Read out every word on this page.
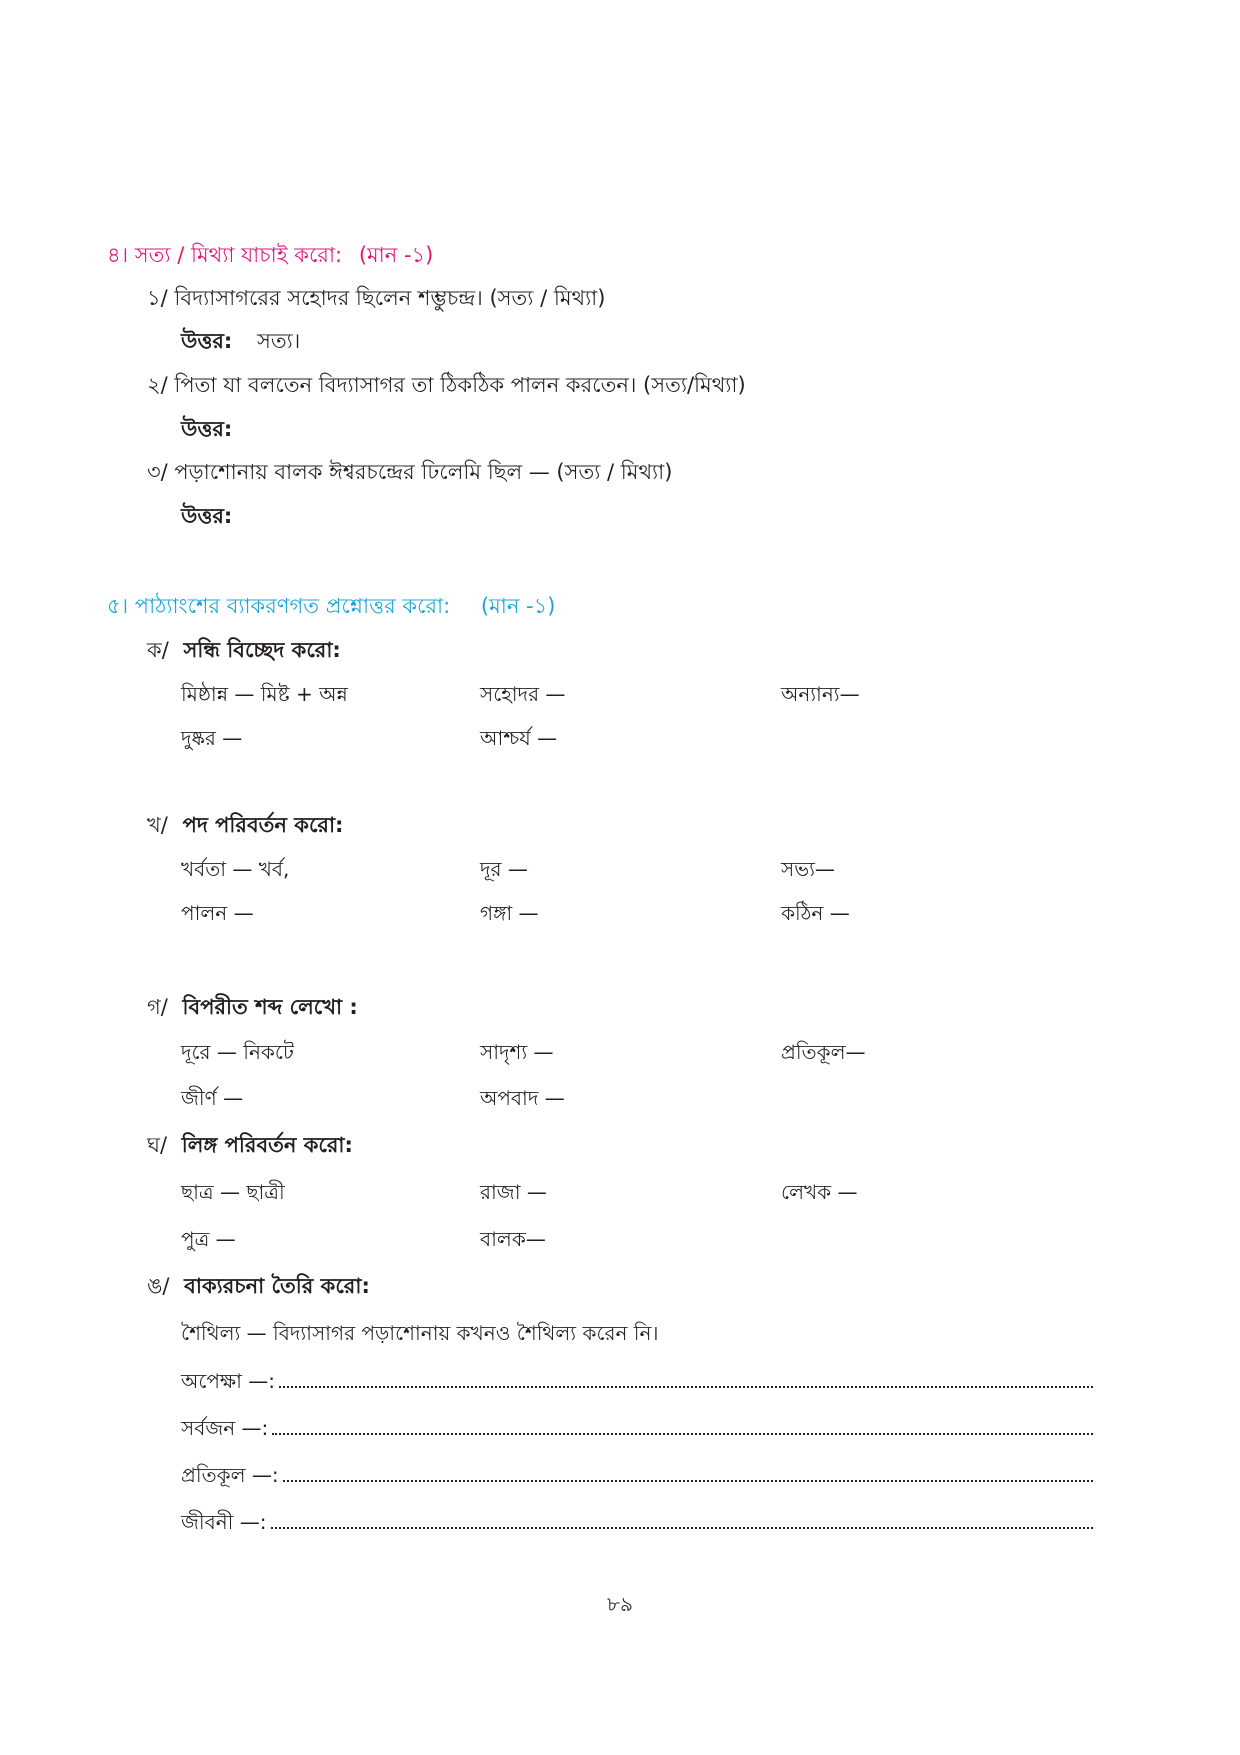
৪। সত্য / মিথ্যা যাচাই করো: (মান -১)
১/ বিদ্যাসাগরের সহোদর ছিলেন শম্ভুচন্দ্র। (সত্য / মিথ্যা)
উত্তর: সত্য।
২/ পিতা যা বলতেন বিদ্যাসাগর তা ঠিকঠিক পালন করতেন। (সত্য/মিথ্যা)
উত্তর:
৩/ পড়াশোনায় বালক ঈশ্বরচন্দ্রের ঢিলেমি ছিল — (সত্য / মিথ্যা)
উত্তর:
৫। পাঠ্যাংশের ব্যাকরণগত প্রশ্নোত্তর করো: (মান -১)
ক/ সন্ধি বিচ্ছেদ করো:
মিষ্ঠান্ন — মিষ্ট + অন্ন	সহোদর —	অন্যান্য—
দুষ্কর —	আশ্চর্য —
খ/ পদ পরিবর্তন করো:
খর্বতা — খর্ব,	দূর —	সভ্য—
পালন —	গঙ্গা —	কঠিন —
গ/ বিপরীত শব্দ লেখো :
দূরে — নিকটে	সাদৃশ্য —	প্রতিকূল—
জীর্ণ —	অপবাদ —
ঘ/ লিঙ্গ পরিবর্তন করো:
ছাত্র — ছাত্রী	রাজা —	লেখক —
পুত্র —	বালক—
ঙ/ বাক্যরচনা তৈরি করো:
শৈথিল্য — বিদ্যাসাগর পড়াশোনায় কখনও শৈথিল্য করেন নি।
অপেক্ষা —:
সর্বজন —:
প্রতিকূল —:
জীবনী —:
৮৯
